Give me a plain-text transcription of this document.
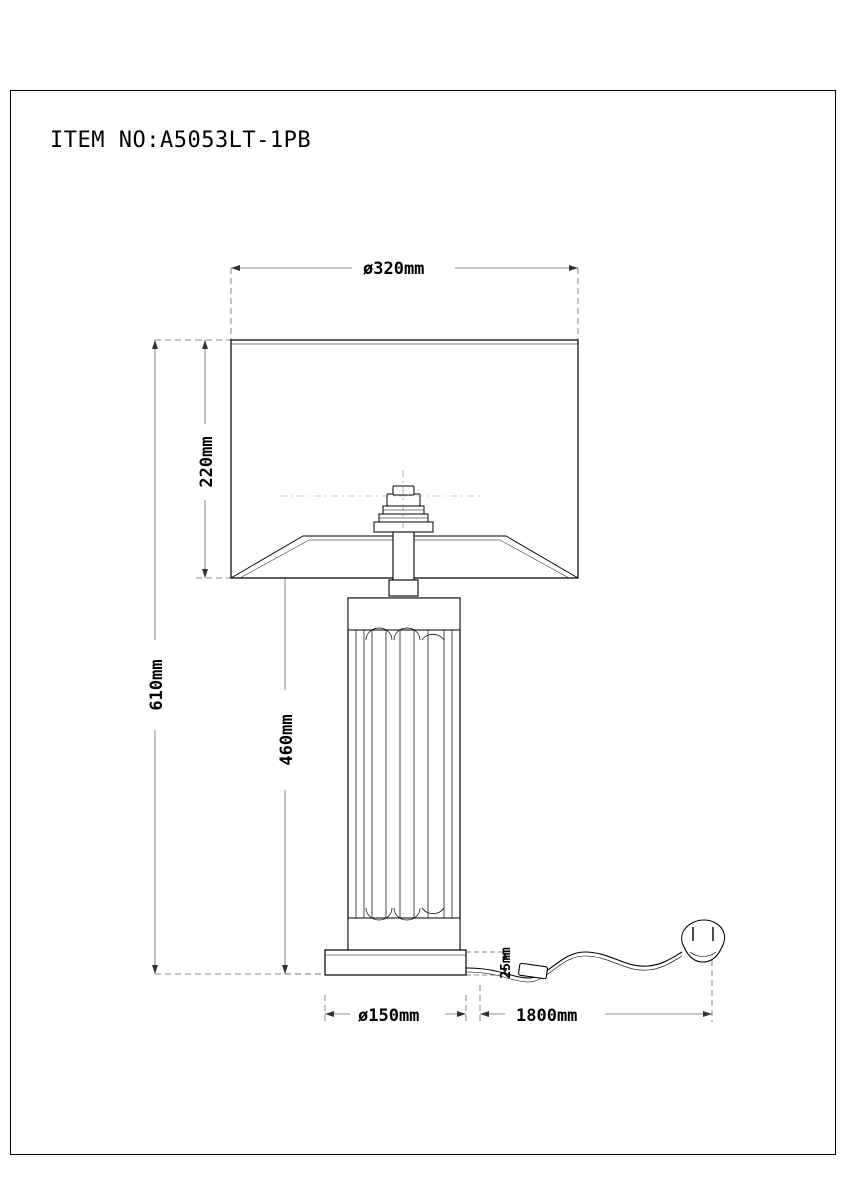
ITEM NO:A5053LT-1PB
ø320mm
220mm
610mm
460mm
ø150mm	1800mm
25mm
